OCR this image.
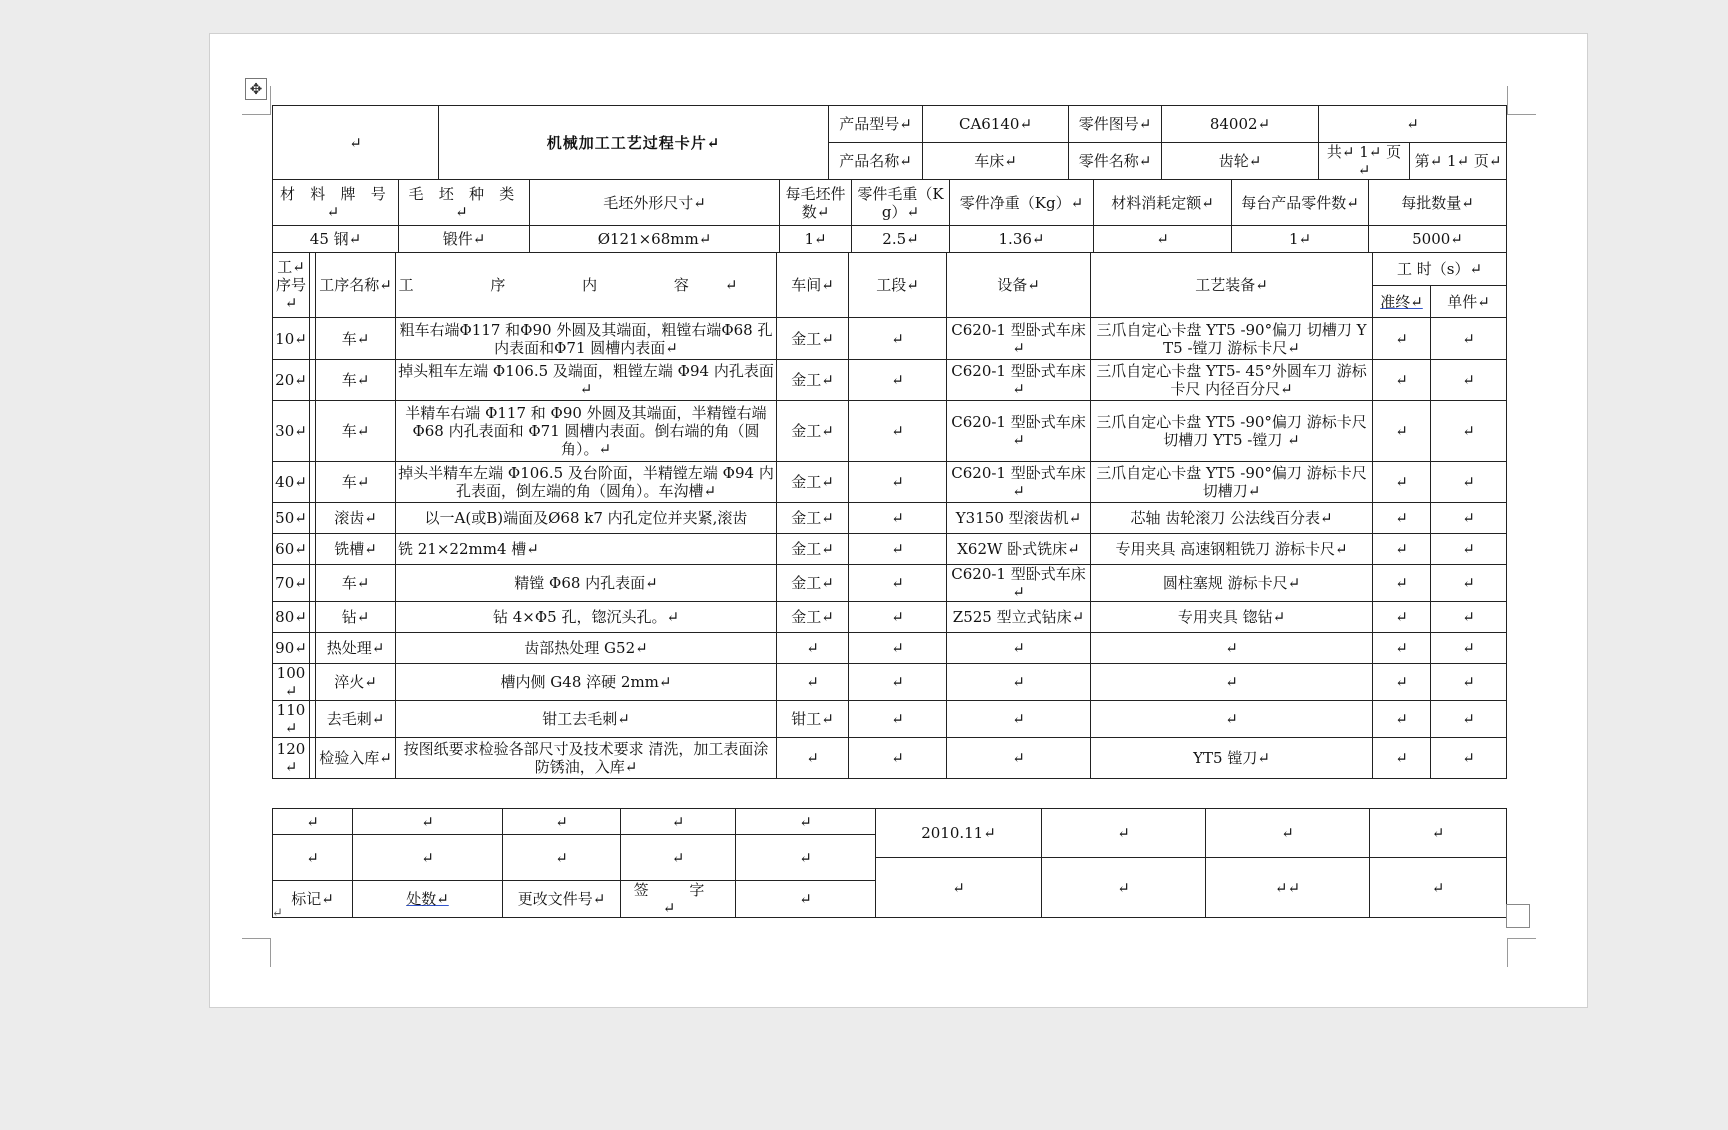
✥
↵	机械加工工艺过程卡片↵	产品型号↵	CA6140↵	零件图号↵	84002↵	↵	
		产品名称↵	车床↵	零件名称↵	齿轮↵	共↵ 1↵ 页↵	第↵ 1↵ 页↵
材 料 牌 号↵	毛 坯 种 类↵	毛坯外形尺寸↵	每毛坯件数↵	零件毛重（Kg）↵	零件净重（Kg）↵	材料消耗定额↵	每台产品零件数↵	每批数量↵
45 钢↵	锻件↵	Ø121×68mm↵	1↵	2.5↵	1.36↵	↵	1↵	5000↵
工↵序号↵		工序名称↵	工 序 内 容↵	车间↵	工段↵	设备↵	工艺装备↵	工 时（s）↵	
								准终↵	单件↵
10↵		车↵	粗车右端Φ117 和Φ90 外圆及其端面，粗镗右端Φ68 孔内表面和Φ71 圆槽内表面↵	金工↵	↵	C620-1 型卧式车床↵	三爪自定心卡盘 YT5 -90°偏刀 切槽刀 YT5 -镗刀 游标卡尺↵	↵	↵
20↵		车↵	掉头粗车左端 Φ106.5 及端面，粗镗左端 Φ94 内孔表面↵	金工↵	↵	C620-1 型卧式车床↵	三爪自定心卡盘 YT5- 45°外圆车刀 游标卡尺 内径百分尺↵	↵	↵
30↵		车↵	半精车右端 Φ117 和 Φ90 外圆及其端面，半精镗右端 Φ68 内孔表面和 Φ71 圆槽内表面。倒右端的角（圆角）。↵	金工↵	↵	C620-1 型卧式车床↵	三爪自定心卡盘 YT5 -90°偏刀 游标卡尺 切槽刀 YT5 -镗刀 ↵	↵	↵
40↵		车↵	掉头半精车左端 Φ106.5 及台阶面，半精镗左端 Φ94 内孔表面，倒左端的角（圆角）。车沟槽↵	金工↵	↵	C620-1 型卧式车床↵	三爪自定心卡盘 YT5 -90°偏刀 游标卡尺 切槽刀↵	↵	↵
50↵		滚齿↵	以一A(或B)端面及Ø68 k7 内孔定位并夹紧,滚齿	金工↵	↵	Y3150 型滚齿机↵	芯轴 齿轮滚刀 公法线百分表↵	↵	↵
60↵		铣槽↵	铣 21×22mm4 槽↵	金工↵	↵	X62W 卧式铣床↵	专用夹具 高速钢粗铣刀 游标卡尺↵	↵	↵
70↵		车↵	精镗 Φ68 内孔表面↵	金工↵	↵	C620-1 型卧式车床↵	圆柱塞规 游标卡尺↵	↵	↵
80↵		钻↵	钻 4×Φ5 孔，锪沉头孔。↵	金工↵	↵	Z525 型立式钻床↵	专用夹具 锪钻↵	↵	↵
90↵		热处理↵	齿部热处理 G52↵	↵	↵	↵	↵	↵	↵
100↵		淬火↵	槽内侧 G48 淬硬 2mm↵	↵	↵	↵	↵	↵	↵
110↵		去毛刺↵	钳工去毛刺↵	钳工↵	↵	↵	↵	↵	↵
120↵		检验入库↵	按图纸要求检验各部尺寸及技术要求 清洗，加工表面涂防锈油，入库↵	↵	↵	↵	YT5 镗刀↵	↵	↵
↵	↵	↵	↵	↵	2010.11↵	↵	↵	↵
↵	↵	↵	↵	↵				
					↵	↵	↵↵	↵
标记↵	处数↵	更改文件号↵	签 字↵	↵				
↵
